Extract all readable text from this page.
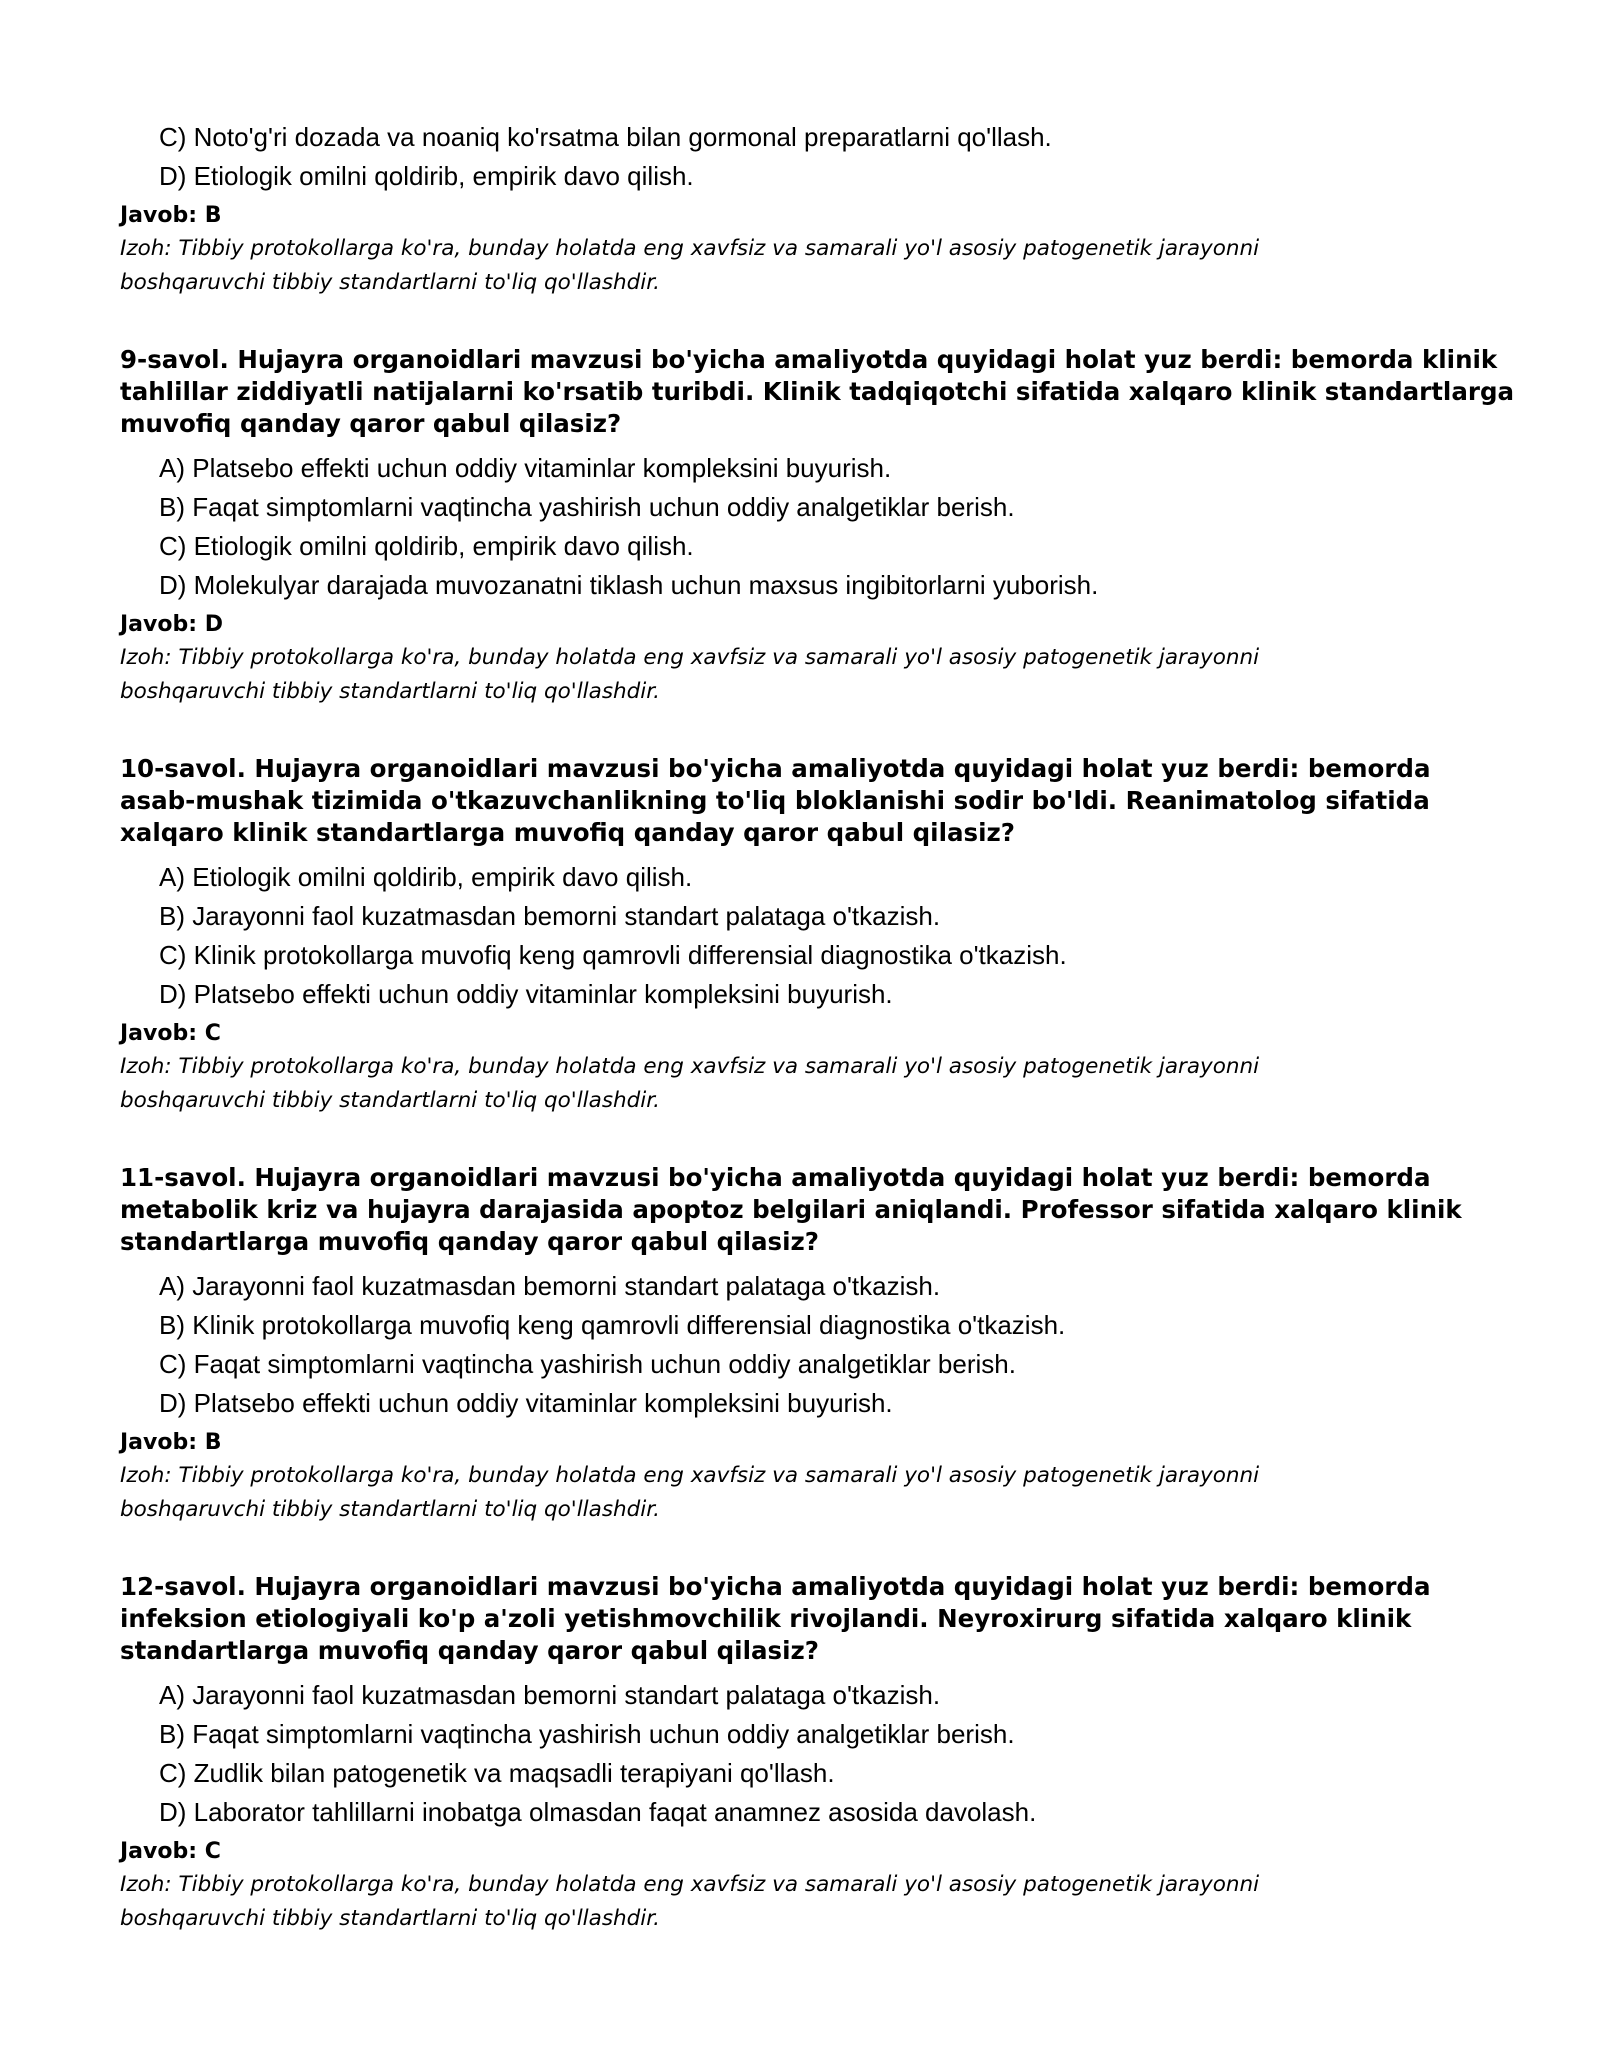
C) Noto'g'ri dozada va noaniq ko'rsatma bilan gormonal preparatlarni qo'llash.
D) Etiologik omilni qoldirib, empirik davo qilish.
Javob: B
Izoh: Tibbiy protokollarga ko'ra, bunday holatda eng xavfsiz va samarali yo'l asosiy patogenetik jarayonni
boshqaruvchi tibbiy standartlarni to'liq qo'llashdir.
9-savol. Hujayra organoidlari mavzusi bo'yicha amaliyotda quyidagi holat yuz berdi: bemorda klinik
tahlillar ziddiyatli natijalarni ko'rsatib turibdi. Klinik tadqiqotchi sifatida xalqaro klinik standartlarga
muvofiq qanday qaror qabul qilasiz?
A) Platsebo effekti uchun oddiy vitaminlar kompleksini buyurish.
B) Faqat simptomlarni vaqtincha yashirish uchun oddiy analgetiklar berish.
C) Etiologik omilni qoldirib, empirik davo qilish.
D) Molekulyar darajada muvozanatni tiklash uchun maxsus ingibitorlarni yuborish.
Javob: D
Izoh: Tibbiy protokollarga ko'ra, bunday holatda eng xavfsiz va samarali yo'l asosiy patogenetik jarayonni
boshqaruvchi tibbiy standartlarni to'liq qo'llashdir.
10-savol. Hujayra organoidlari mavzusi bo'yicha amaliyotda quyidagi holat yuz berdi: bemorda
asab-mushak tizimida o'tkazuvchanlikning to'liq bloklanishi sodir bo'ldi. Reanimatolog sifatida
xalqaro klinik standartlarga muvofiq qanday qaror qabul qilasiz?
A) Etiologik omilni qoldirib, empirik davo qilish.
B) Jarayonni faol kuzatmasdan bemorni standart palataga o'tkazish.
C) Klinik protokollarga muvofiq keng qamrovli differensial diagnostika o'tkazish.
D) Platsebo effekti uchun oddiy vitaminlar kompleksini buyurish.
Javob: C
Izoh: Tibbiy protokollarga ko'ra, bunday holatda eng xavfsiz va samarali yo'l asosiy patogenetik jarayonni
boshqaruvchi tibbiy standartlarni to'liq qo'llashdir.
11-savol. Hujayra organoidlari mavzusi bo'yicha amaliyotda quyidagi holat yuz berdi: bemorda
metabolik kriz va hujayra darajasida apoptoz belgilari aniqlandi. Professor sifatida xalqaro klinik
standartlarga muvofiq qanday qaror qabul qilasiz?
A) Jarayonni faol kuzatmasdan bemorni standart palataga o'tkazish.
B) Klinik protokollarga muvofiq keng qamrovli differensial diagnostika o'tkazish.
C) Faqat simptomlarni vaqtincha yashirish uchun oddiy analgetiklar berish.
D) Platsebo effekti uchun oddiy vitaminlar kompleksini buyurish.
Javob: B
Izoh: Tibbiy protokollarga ko'ra, bunday holatda eng xavfsiz va samarali yo'l asosiy patogenetik jarayonni
boshqaruvchi tibbiy standartlarni to'liq qo'llashdir.
12-savol. Hujayra organoidlari mavzusi bo'yicha amaliyotda quyidagi holat yuz berdi: bemorda
infeksion etiologiyali ko'p a'zoli yetishmovchilik rivojlandi. Neyroxirurg sifatida xalqaro klinik
standartlarga muvofiq qanday qaror qabul qilasiz?
A) Jarayonni faol kuzatmasdan bemorni standart palataga o'tkazish.
B) Faqat simptomlarni vaqtincha yashirish uchun oddiy analgetiklar berish.
C) Zudlik bilan patogenetik va maqsadli terapiyani qo'llash.
D) Laborator tahlillarni inobatga olmasdan faqat anamnez asosida davolash.
Javob: C
Izoh: Tibbiy protokollarga ko'ra, bunday holatda eng xavfsiz va samarali yo'l asosiy patogenetik jarayonni
boshqaruvchi tibbiy standartlarni to'liq qo'llashdir.
